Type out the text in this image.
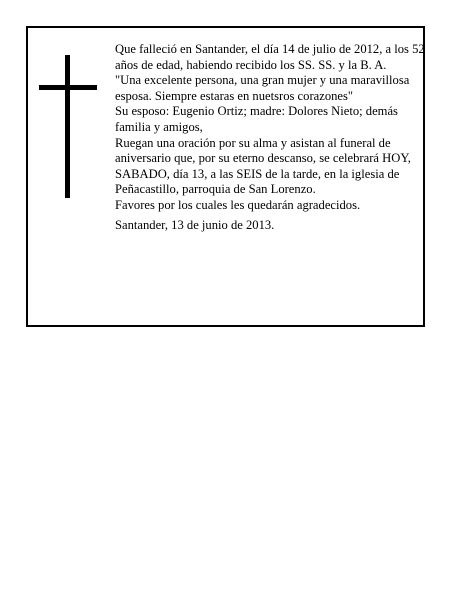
Que falleció en Santander, el día 14 de julio de 2012, a los 52 años de edad, habiendo recibido los SS. SS. y la B. A.

"Una excelente persona, una gran mujer y una maravillosa esposa. Siempre estaras en nuetsros corazones"

Su esposo: Eugenio Ortiz; madre: Dolores Nieto; demás familia y amigos,

Ruegan una oración por su alma y asistan al funeral de aniversario que, por su eterno descanso, se celebrará HOY, SABADO, día 13, a las SEIS de la tarde, en la iglesia de Peñacastillo, parroquia de San Lorenzo.

Favores por los cuales les quedarán agradecidos.

Santander, 13 de junio de 2013.
